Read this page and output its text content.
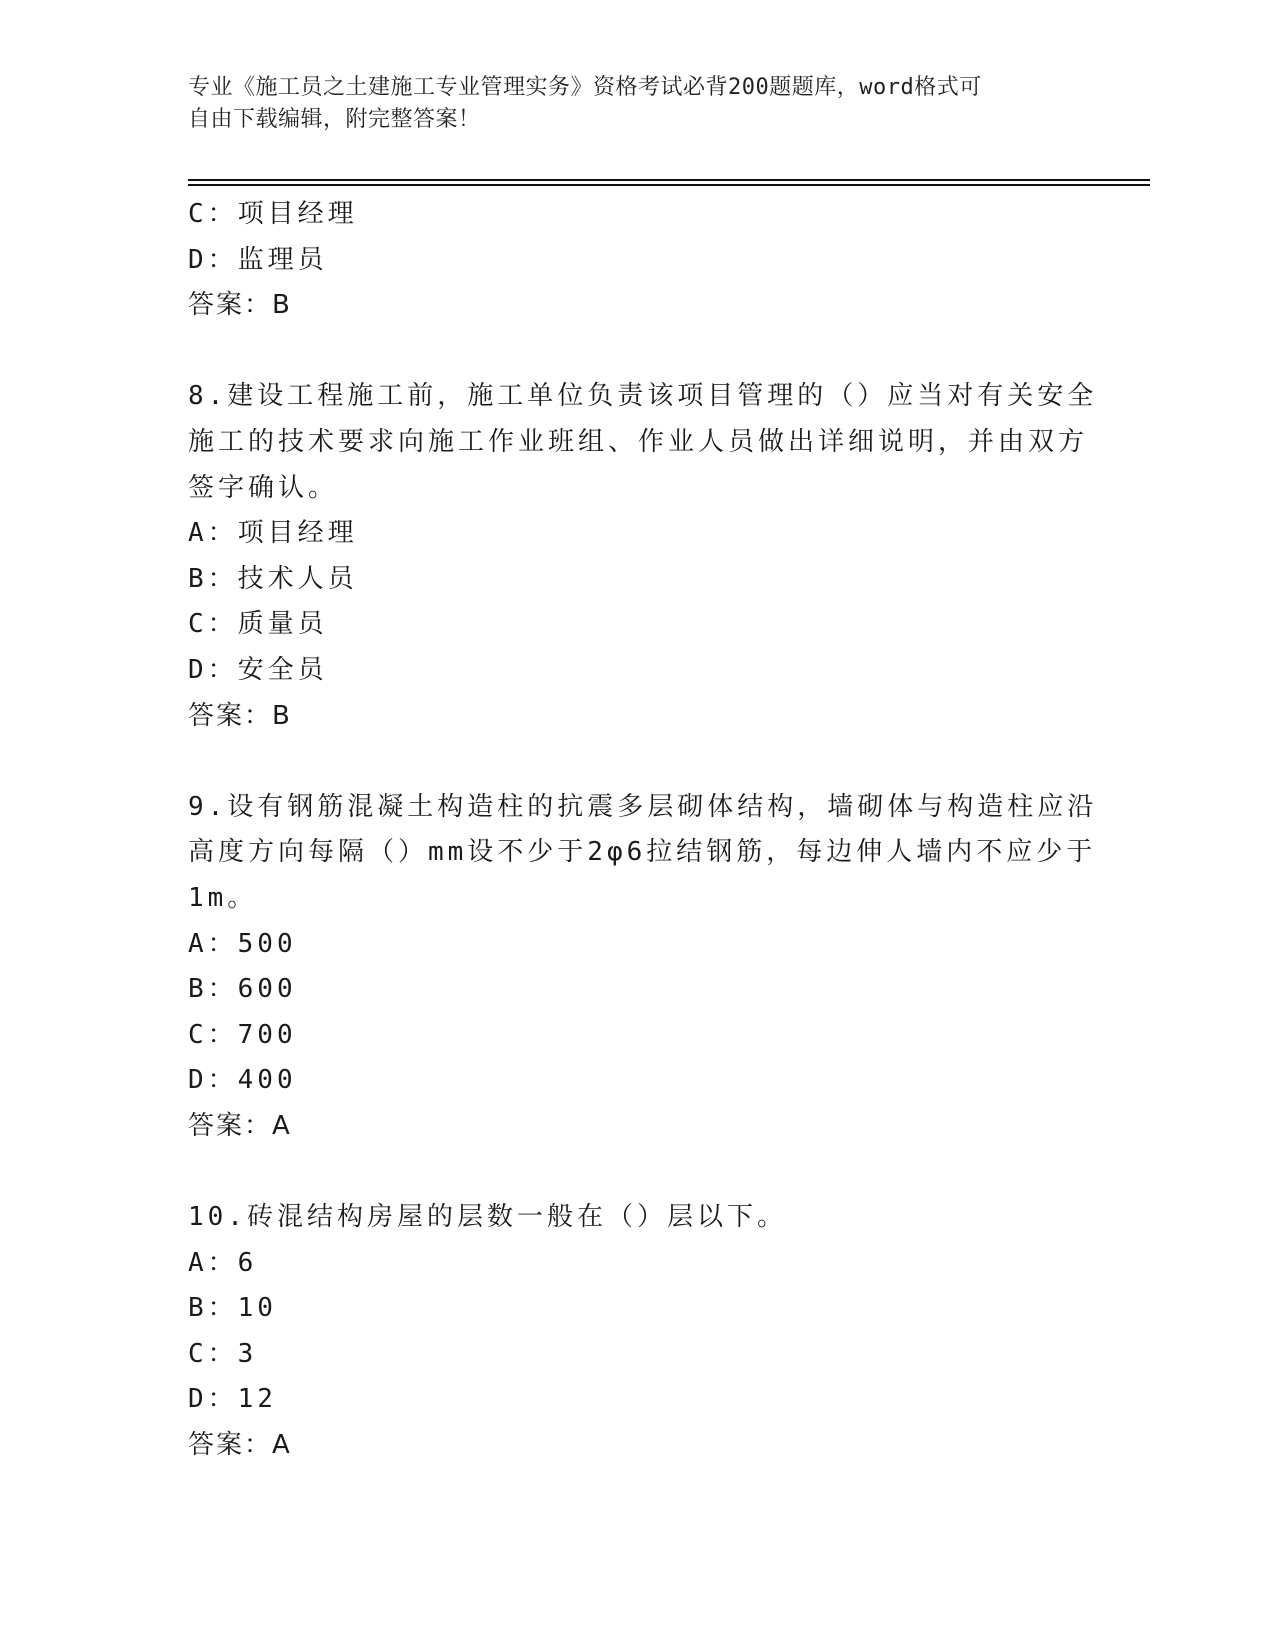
专业《施工员之土建施工专业管理实务》资格考试必背200题题库，word格式可
自由下载编辑，附完整答案！
C：项目经理
D：监理员
答案：B
8.建设工程施工前，施工单位负责该项目管理的（）应当对有关安全
施工的技术要求向施工作业班组、作业人员做出详细说明，并由双方
签字确认。
A：项目经理
B：技术人员
C：质量员
D：安全员
答案：B
9.设有钢筋混凝土构造柱的抗震多层砌体结构，墙砌体与构造柱应沿
高度方向每隔（）mm设不少于2φ6拉结钢筋，每边伸人墙内不应少于
1m。
A：500
B：600
C：700
D：400
答案：A
10.砖混结构房屋的层数一般在（）层以下。
A：6
B：10
C：3
D：12
答案：A
